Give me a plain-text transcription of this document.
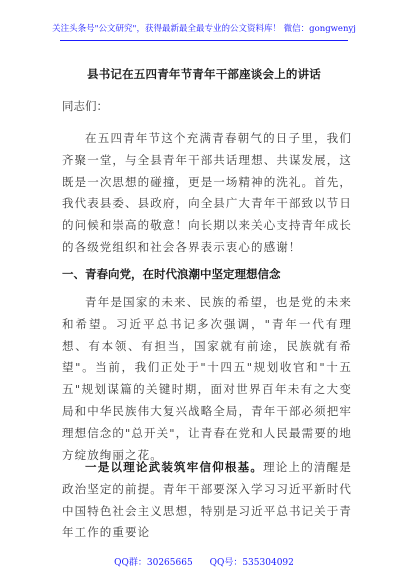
关注头条号"公文研究"，获得最新最全最专业的公文资料库！ 微信：gongwenyj
县书记在五四青年节青年干部座谈会上的讲话
同志们：

在五四青年节这个充满青春朝气的日子里，我们齐聚一堂，与全县青年干部共话理想、共谋发展，这既是一次思想的碰撞，更是一场精神的洗礼。首先，我代表县委、县政府，向全县广大青年干部致以节日的问候和崇高的敬意！向长期以来关心支持青年成长的各级党组织和社会各界表示衷心的感谢！

一、青春向党，在时代浪潮中坚定理想信念

青年是国家的未来、民族的希望，也是党的未来和希望。习近平总书记多次强调，"青年一代有理想、有本领、有担当，国家就有前途，民族就有希望"。当前，我们正处于"十四五"规划收官和"十五五"规划谋篇的关键时期，面对世界百年未有之大变局和中华民族伟大复兴战略全局，青年干部必须把牢理想信念的"总开关"，让青春在党和人民最需要的地方绽放绚丽之花。

一是以理论武装筑牢信仰根基。理论上的清醒是政治坚定的前提。青年干部要深入学习习近平新时代中国特色社会主义思想，特别是习近平总书记关于青年工作的重要论

QQ群：30265665 QQ号：535304092
